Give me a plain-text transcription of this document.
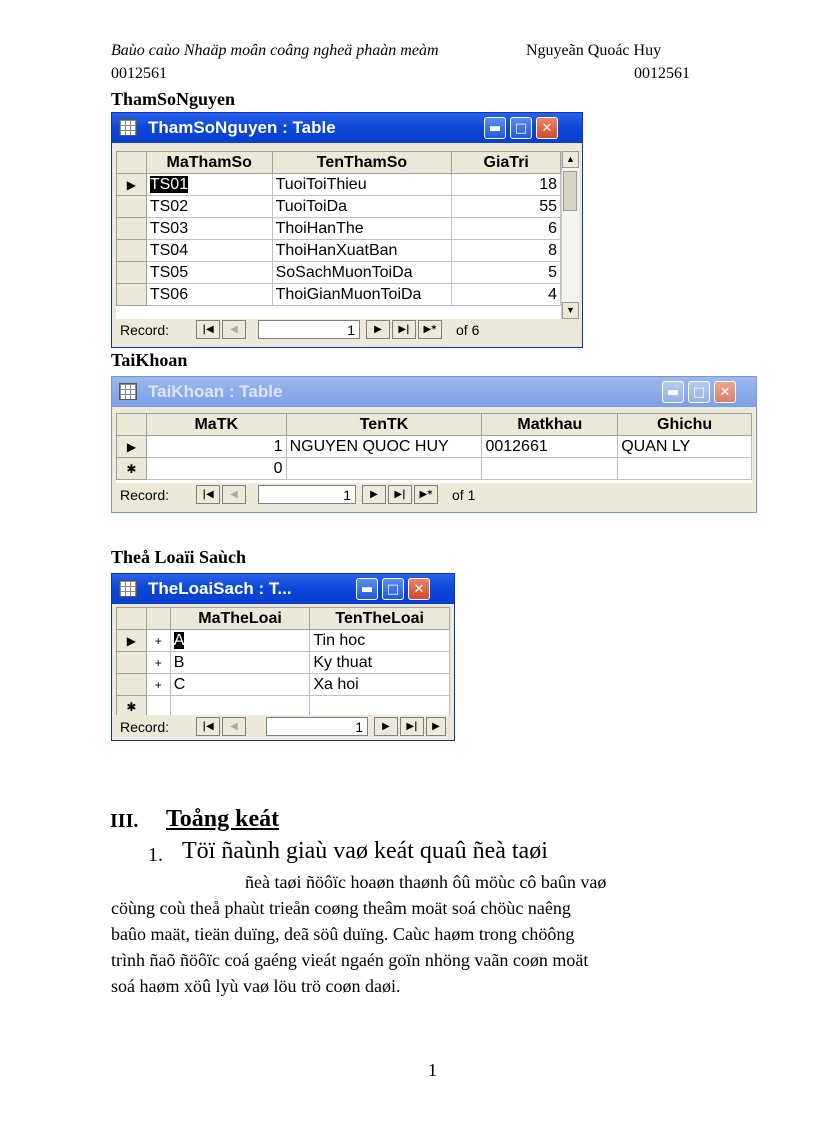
Baùo caùo Nhaäp moân coâng ngheä phaàn meàm	Nguyeãn Quoác Huy
0012561	0012561
ThamSoNguyen
ThamSoNguyen : Table	▬	□	✕
	MaThamSo	TenThamSo	GiaTri
▶	TS01	TuoiToiThieu	18
	TS02	TuoiToiDa	55
	TS03	ThoiHanThe	6
	TS04	ThoiHanXuatBan	8
	TS05	SoSachMuonToiDa	5
	TS06	ThoiGianMuonToiDa	4
▲
▼
Record:	|◀	◀	1	▶	▶|	▶*	of 6
TaiKhoan
TaiKhoan : Table	▬	□	✕
	MaTK	TenTK	Matkhau	Ghichu
▶	1	NGUYEN QUOC HUY	0012661	QUAN LY
✱	0			
Record:	|◀	◀	1	▶	▶|	▶*	of 1
Theå Loaïi Saùch
TheLoaiSach : T...	▬	□	✕
		MaTheLoai	TenTheLoai
▶	+	A	Tin hoc
	+	B	Ky thuat
	+	C	Xa hoi
✱			
Record:	|◀	◀	1	▶	▶|	▶
III. Toång keát
1. Töï ñaùnh giaù vaø keát quaû ñeà taøi
ñeà taøi ñöôïc hoaøn thaønh ôû möùc cô baûn vaø
cöùng coù theå phaùt trieån coøng theâm moät soá chöùc naêng
baûo maät, tieän duïng, deã söû duïng. Caùc haøm trong chöông
trình ñaõ ñöôïc coá gaéng vieát ngaén goïn nhöng vaãn coøn moät
soá haøm xöû lyù vaø löu trö coøn daøi.
1
